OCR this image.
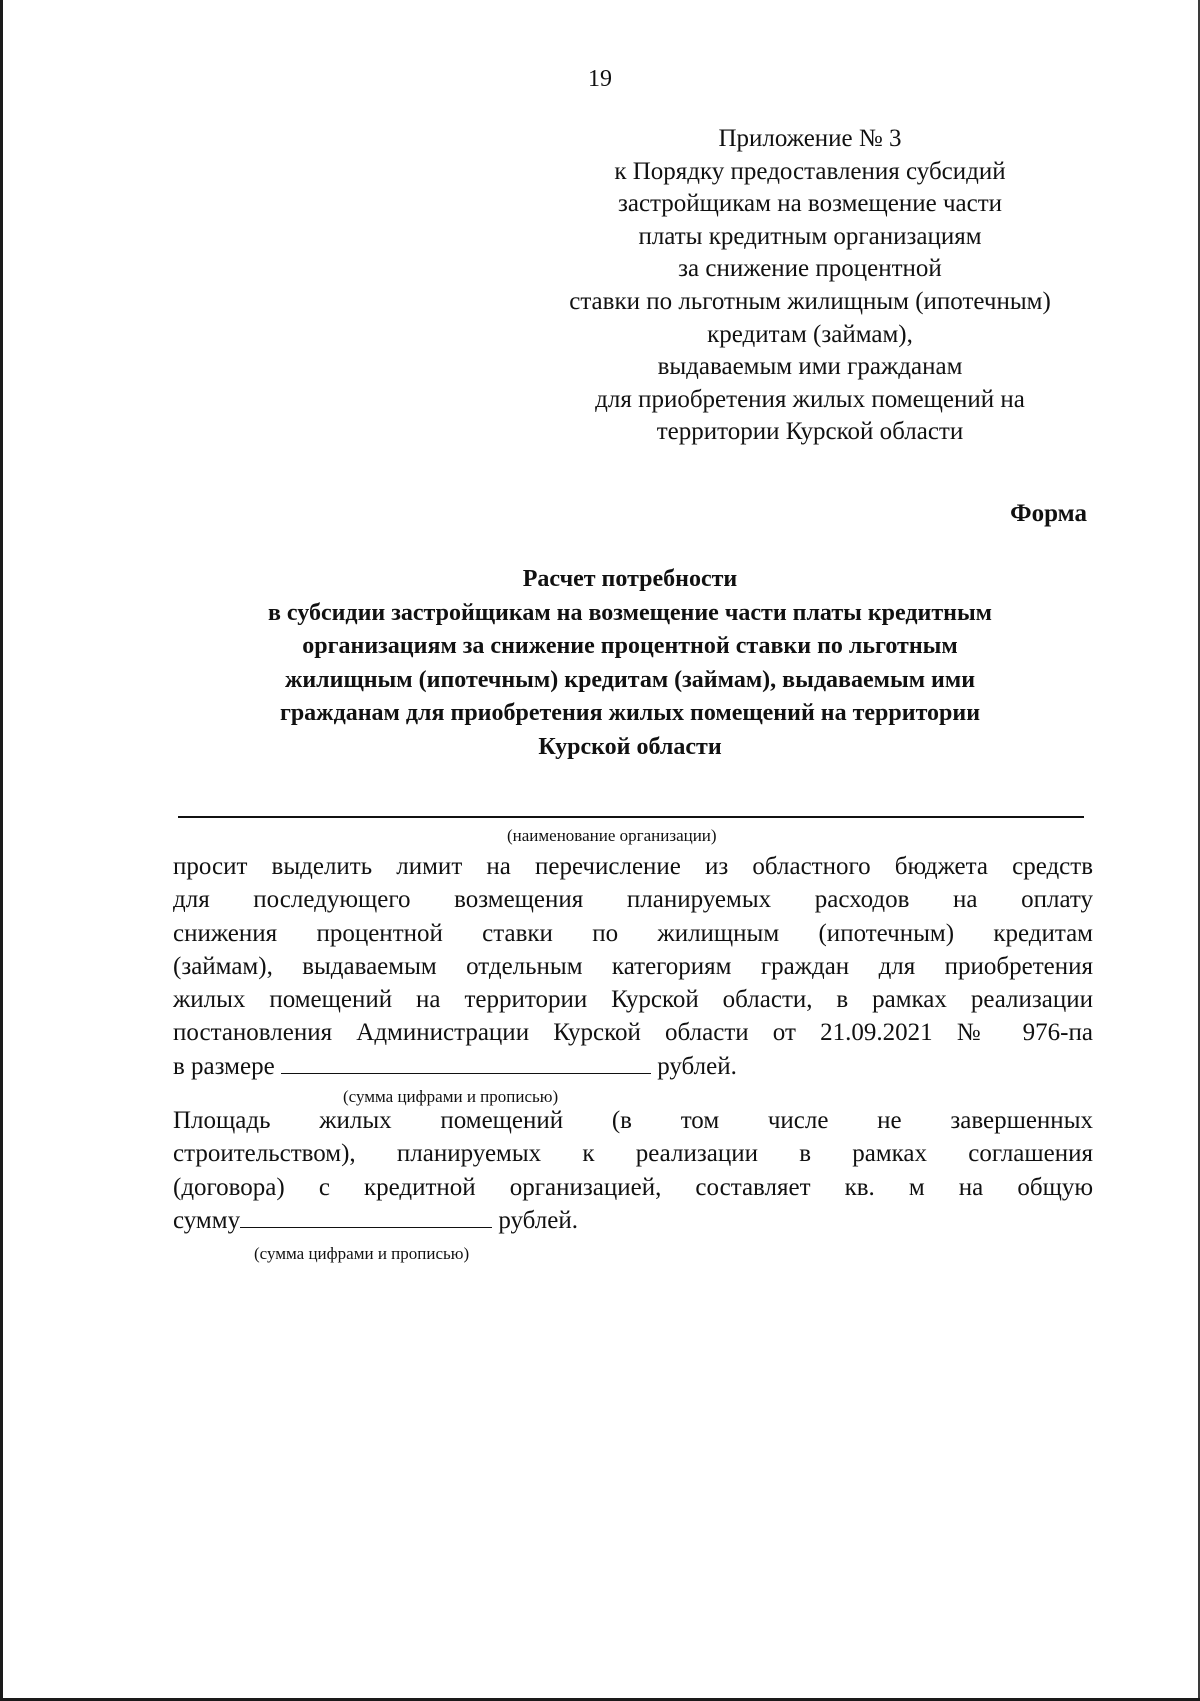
19
Приложение № 3
к Порядку предоставления субсидий
застройщикам на возмещение части
платы кредитным организациям
за снижение процентной
ставки по льготным жилищным (ипотечным)
кредитам (займам),
выдаваемым ими гражданам
для приобретения жилых помещений на
территории Курской области
Форма
Расчет потребности
в субсидии застройщикам на возмещение части платы кредитным
организациям за снижение процентной ставки по льготным
жилищным (ипотечным) кредитам (займам), выдаваемым ими
гражданам для приобретения жилых помещений на территории
Курской области
(наименование организации)
просит выделить лимит на перечисление из областного бюджета средств
для последующего возмещения планируемых расходов на оплату
снижения процентной ставки по жилищным (ипотечным) кредитам
(займам), выдаваемым отдельным категориям граждан для приобретения
жилых помещений на территории Курской области, в рамках реализации
постановления Администрации Курской области от 21.09.2021 № 976-па
в размере	рублей.
(сумма цифрами и прописью)
Площадь жилых помещений (в том числе не завершенных
строительством), планируемых к реализации в рамках соглашения
(договора) с кредитной организацией, составляет кв. м на общую
сумму	рублей.
(сумма цифрами и прописью)
